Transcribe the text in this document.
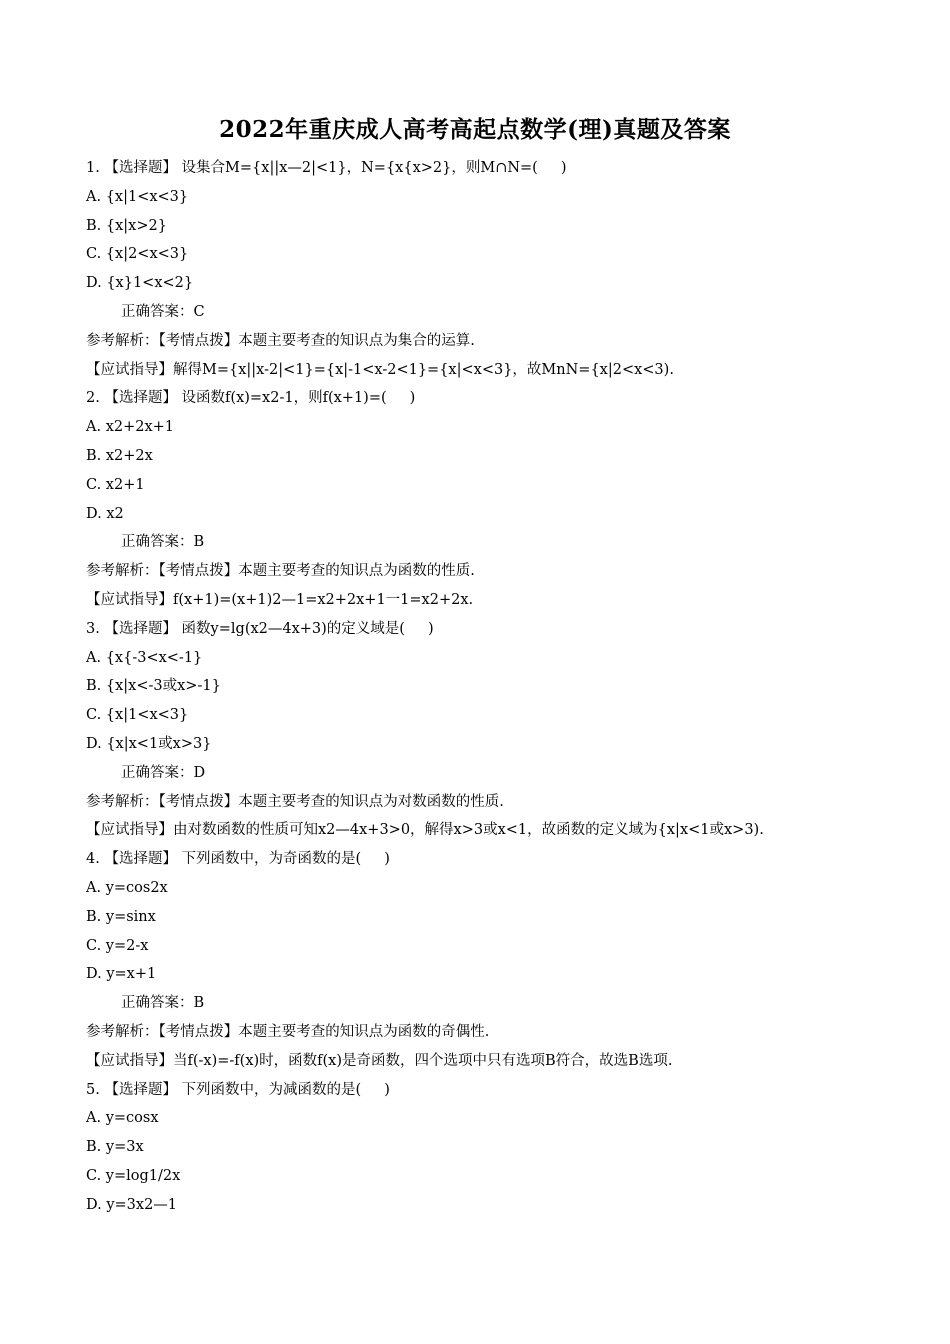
2022年重庆成人高考高起点数学(理)真题及答案
1. 【选择题】 设集合M={x||x—2|<1}，N={x{x>2}，则M∩N=(     )
A. {x|1<x<3}
B. {x|x>2}
C. {x|2<x<3}
D. {x}1<x<2}
正确答案：C
参考解析：【考情点拨】本题主要考查的知识点为集合的运算.
【应试指导】解得M={x||x-2|<1}={x|-1<x-2<1}={x|<x<3}，故MnN={x|2<x<3).
2. 【选择题】 设函数f(x)=x2-1，则f(x+1)=(     )
A. x2+2x+1
B. x2+2x
C. x2+1
D. x2
正确答案：B
参考解析：【考情点拨】本题主要考查的知识点为函数的性质.
【应试指导】f(x+1)=(x+1)2—1=x2+2x+1一1=x2+2x.
3. 【选择题】 函数y=lg(x2—4x+3)的定义域是(     )
A. {x{-3<x<-1}
B. {x|x<-3或x>-1}
C. {x|1<x<3}
D. {x|x<1或x>3}
正确答案：D
参考解析：【考情点拨】本题主要考查的知识点为对数函数的性质.
【应试指导】由对数函数的性质可知x2—4x+3>0，解得x>3或x<1，故函数的定义域为{x|x<1或x>3).
4. 【选择题】 下列函数中，为奇函数的是(     )
A. y=cos2x
B. y=sinx
C. y=2-x
D. y=x+1
正确答案：B
参考解析：【考情点拨】本题主要考查的知识点为函数的奇偶性.
【应试指导】当f(-x)=-f(x)时，函数f(x)是奇函数，四个选项中只有选项B符合，故选B选项.
5. 【选择题】 下列函数中，为减函数的是(     )
A. y=cosx
B. y=3x
C. y=log1/2x
D. y=3x2—1
